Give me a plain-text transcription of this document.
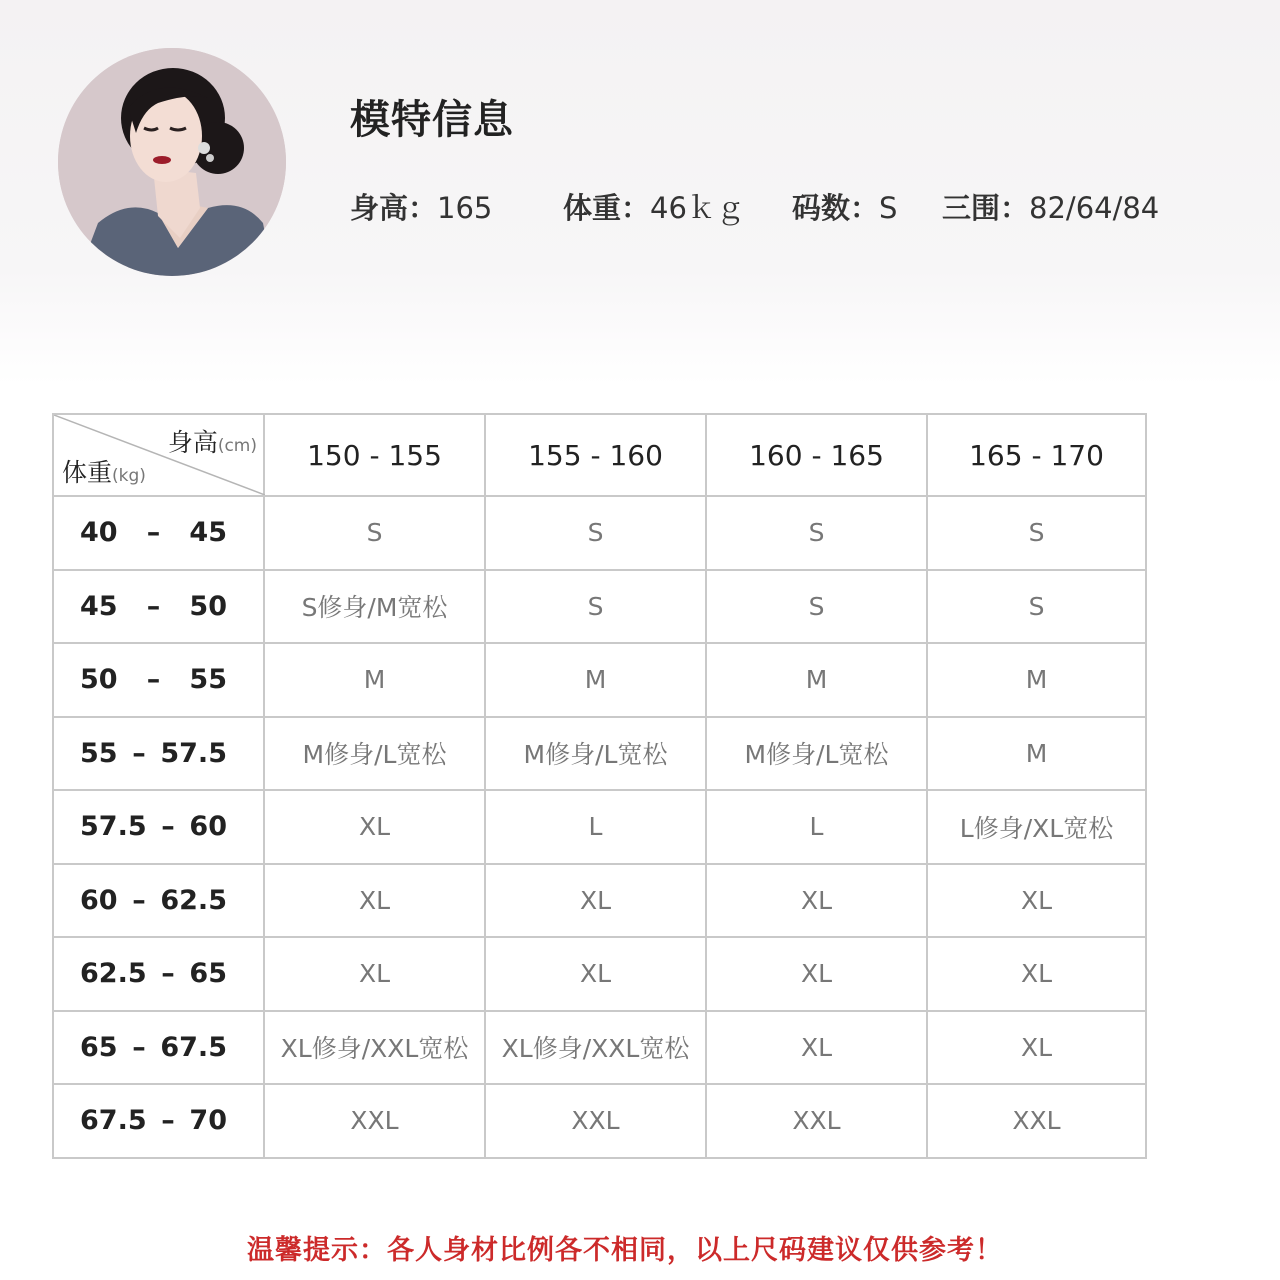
模特信息
身高：165 体重：46ｋｇ 码数：S 三围：82/64/84
身高(cm)
体重(kg)	150 - 155	155 - 160	160 - 165	165 - 170

40 – 45	S	S	S	S

45 – 50	S修身/M宽松	S	S	S

50 – 55	M	M	M	M

55 – 57.5	M修身/L宽松	M修身/L宽松	M修身/L宽松	M

57.5 – 60	XL	L	L	L修身/XL宽松

60 – 62.5	XL	XL	XL	XL

62.5 – 65	XL	XL	XL	XL

65 – 67.5	XL修身/XXL宽松	XL修身/XXL宽松	XL	XL

67.5 – 70	XXL	XXL	XXL	XXL
温馨提示：各人身材比例各不相同，以上尺码建议仅供参考！
